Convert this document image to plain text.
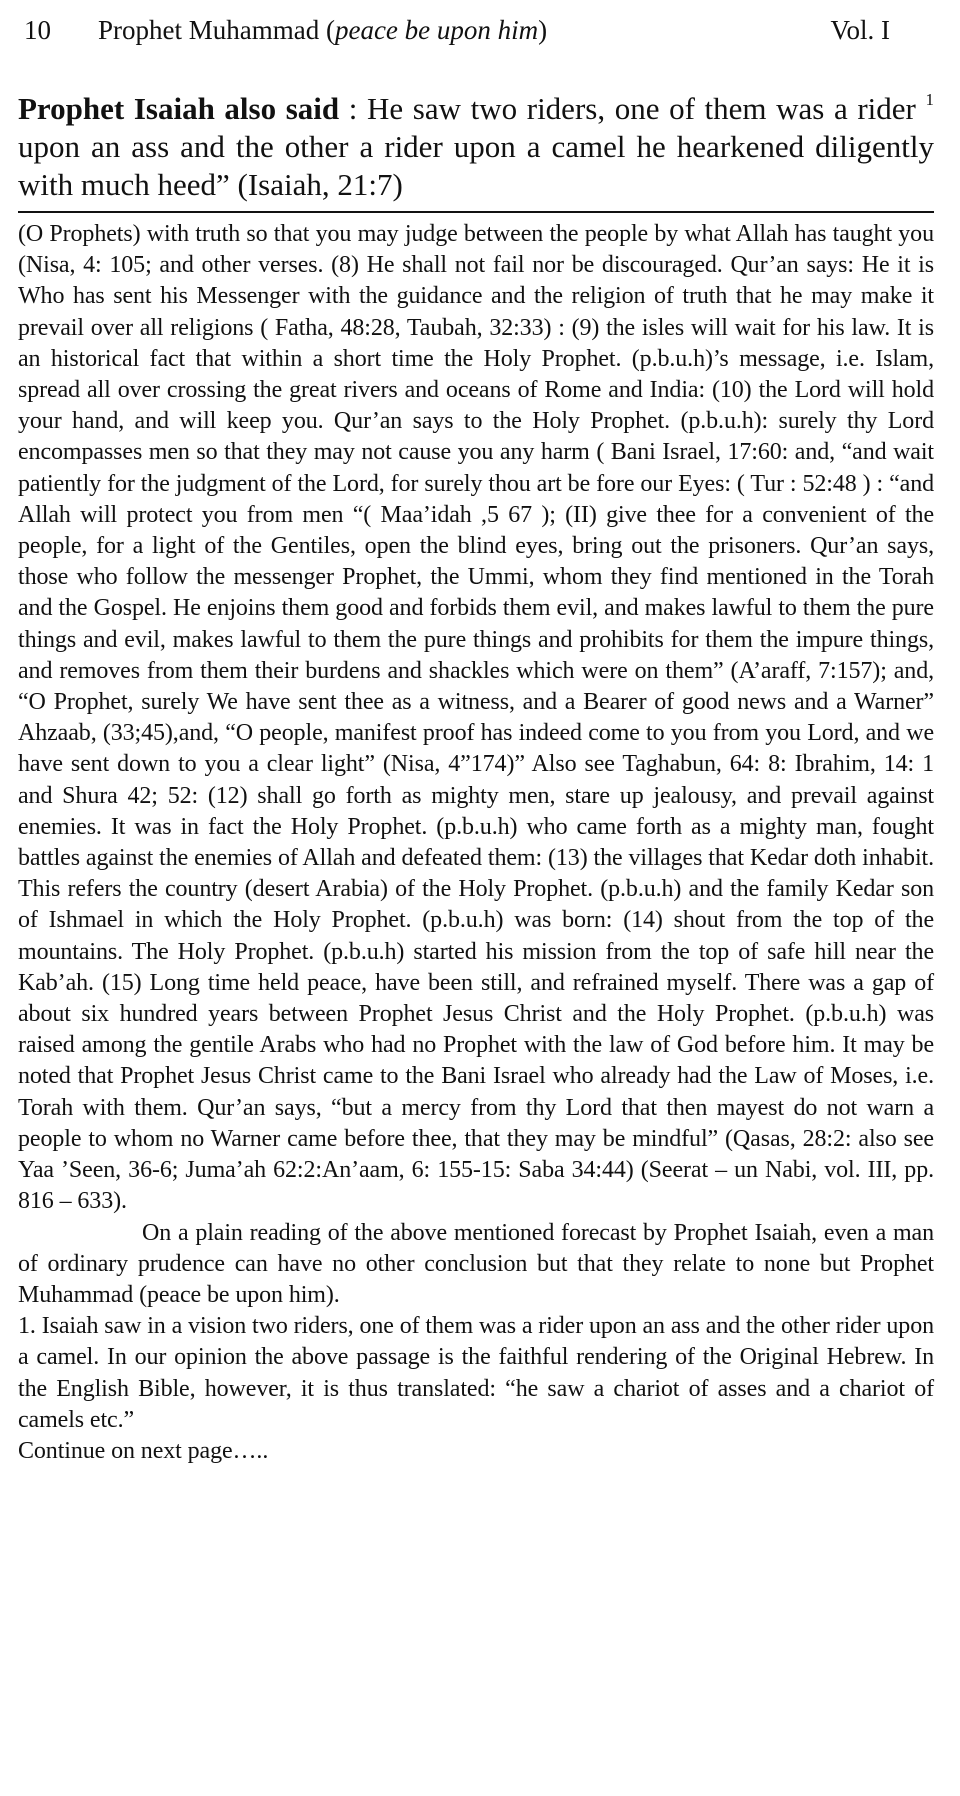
10 Prophet Muhammad (peace be upon him)	Vol. I
Prophet Isaiah also said : He saw two riders, one of them was a rider $^1$ upon an ass and the other a rider upon a camel he hearkened diligently with much heed” (Isaiah, 21:7)

(O Prophets) with truth so that you may judge between the people by what Allah has taught you (Nisa, 4: 105; and other verses. (8) He shall not fail nor be discouraged. Qur’an says: He it is Who has sent his Messenger with the guidance and the religion of truth that he may make it prevail over all religions ( Fatha, 48:28, Taubah, 32:33) : (9) the isles will wait for his law. It is an historical fact that within a short time the Holy Prophet. (p.b.u.h)’s message, i.e. Islam, spread all over crossing the great rivers and oceans of Rome and India: (10) the Lord will hold your hand, and will keep you. Qur’an says to the Holy Prophet. (p.b.u.h): surely thy Lord encompasses men so that they may not cause you any harm ( Bani Israel, 17:60: and, “and wait patiently for the judgment of the Lord, for surely thou art be fore our Eyes: ( Tur : 52:48 ) : “and Allah will protect you from men “( Maa’idah ,5 67 ); (II) give thee for a convenient of the people, for a light of the Gentiles, open the blind eyes, bring out the prisoners. Qur’an says, those who follow the messenger Prophet, the Ummi, whom they find mentioned in the Torah and the Gospel. He enjoins them good and forbids them evil, and makes lawful to them the pure things and evil, makes lawful to them the pure things and prohibits for them the impure things, and removes from them their burdens and shackles which were on them” (A’araff, 7:157); and, “O Prophet, surely We have sent thee as a witness, and a Bearer of good news and a Warner” Ahzaab, (33;45),and, “O people, manifest proof has indeed come to you from you Lord, and we have sent down to you a clear light” (Nisa, 4”174)” Also see Taghabun, 64: 8: Ibrahim, 14: 1 and Shura 42; 52: (12) shall go forth as mighty men, stare up jealousy, and prevail against enemies. It was in fact the Holy Prophet. (p.b.u.h) who came forth as a mighty man, fought battles against the enemies of Allah and defeated them: (13) the villages that Kedar doth inhabit. This refers the country (desert Arabia) of the Holy Prophet. (p.b.u.h) and the family Kedar son of Ishmael in which the Holy Prophet. (p.b.u.h) was born: (14) shout from the top of the mountains. The Holy Prophet. (p.b.u.h) started his mission from the top of safe hill near the Kab’ah. (15) Long time held peace, have been still, and refrained myself. There was a gap of about six hundred years between Prophet Jesus Christ and the Holy Prophet. (p.b.u.h) was raised among the gentile Arabs who had no Prophet with the law of God before him. It may be noted that Prophet Jesus Christ came to the Bani Israel who already had the Law of Moses, i.e. Torah with them. Qur’an says, “but a mercy from thy Lord that then mayest do not warn a people to whom no Warner came before thee, that they may be mindful” (Qasas, 28:2: also see Yaa ’Seen, 36-6; Juma’ah 62:2:An’aam, 6: 155-15: Saba 34:44) (Seerat – un Nabi, vol. III, pp. 816 – 633).

On a plain reading of the above mentioned forecast by Prophet Isaiah, even a man of ordinary prudence can have no other conclusion but that they relate to none but Prophet Muhammad (peace be upon him).

1. Isaiah saw in a vision two riders, one of them was a rider upon an ass and the other rider upon a camel. In our opinion the above passage is the faithful rendering of the Original Hebrew. In the English Bible, however, it is thus translated: “he saw a chariot of asses and a chariot of camels etc.”

Continue on next page…..
